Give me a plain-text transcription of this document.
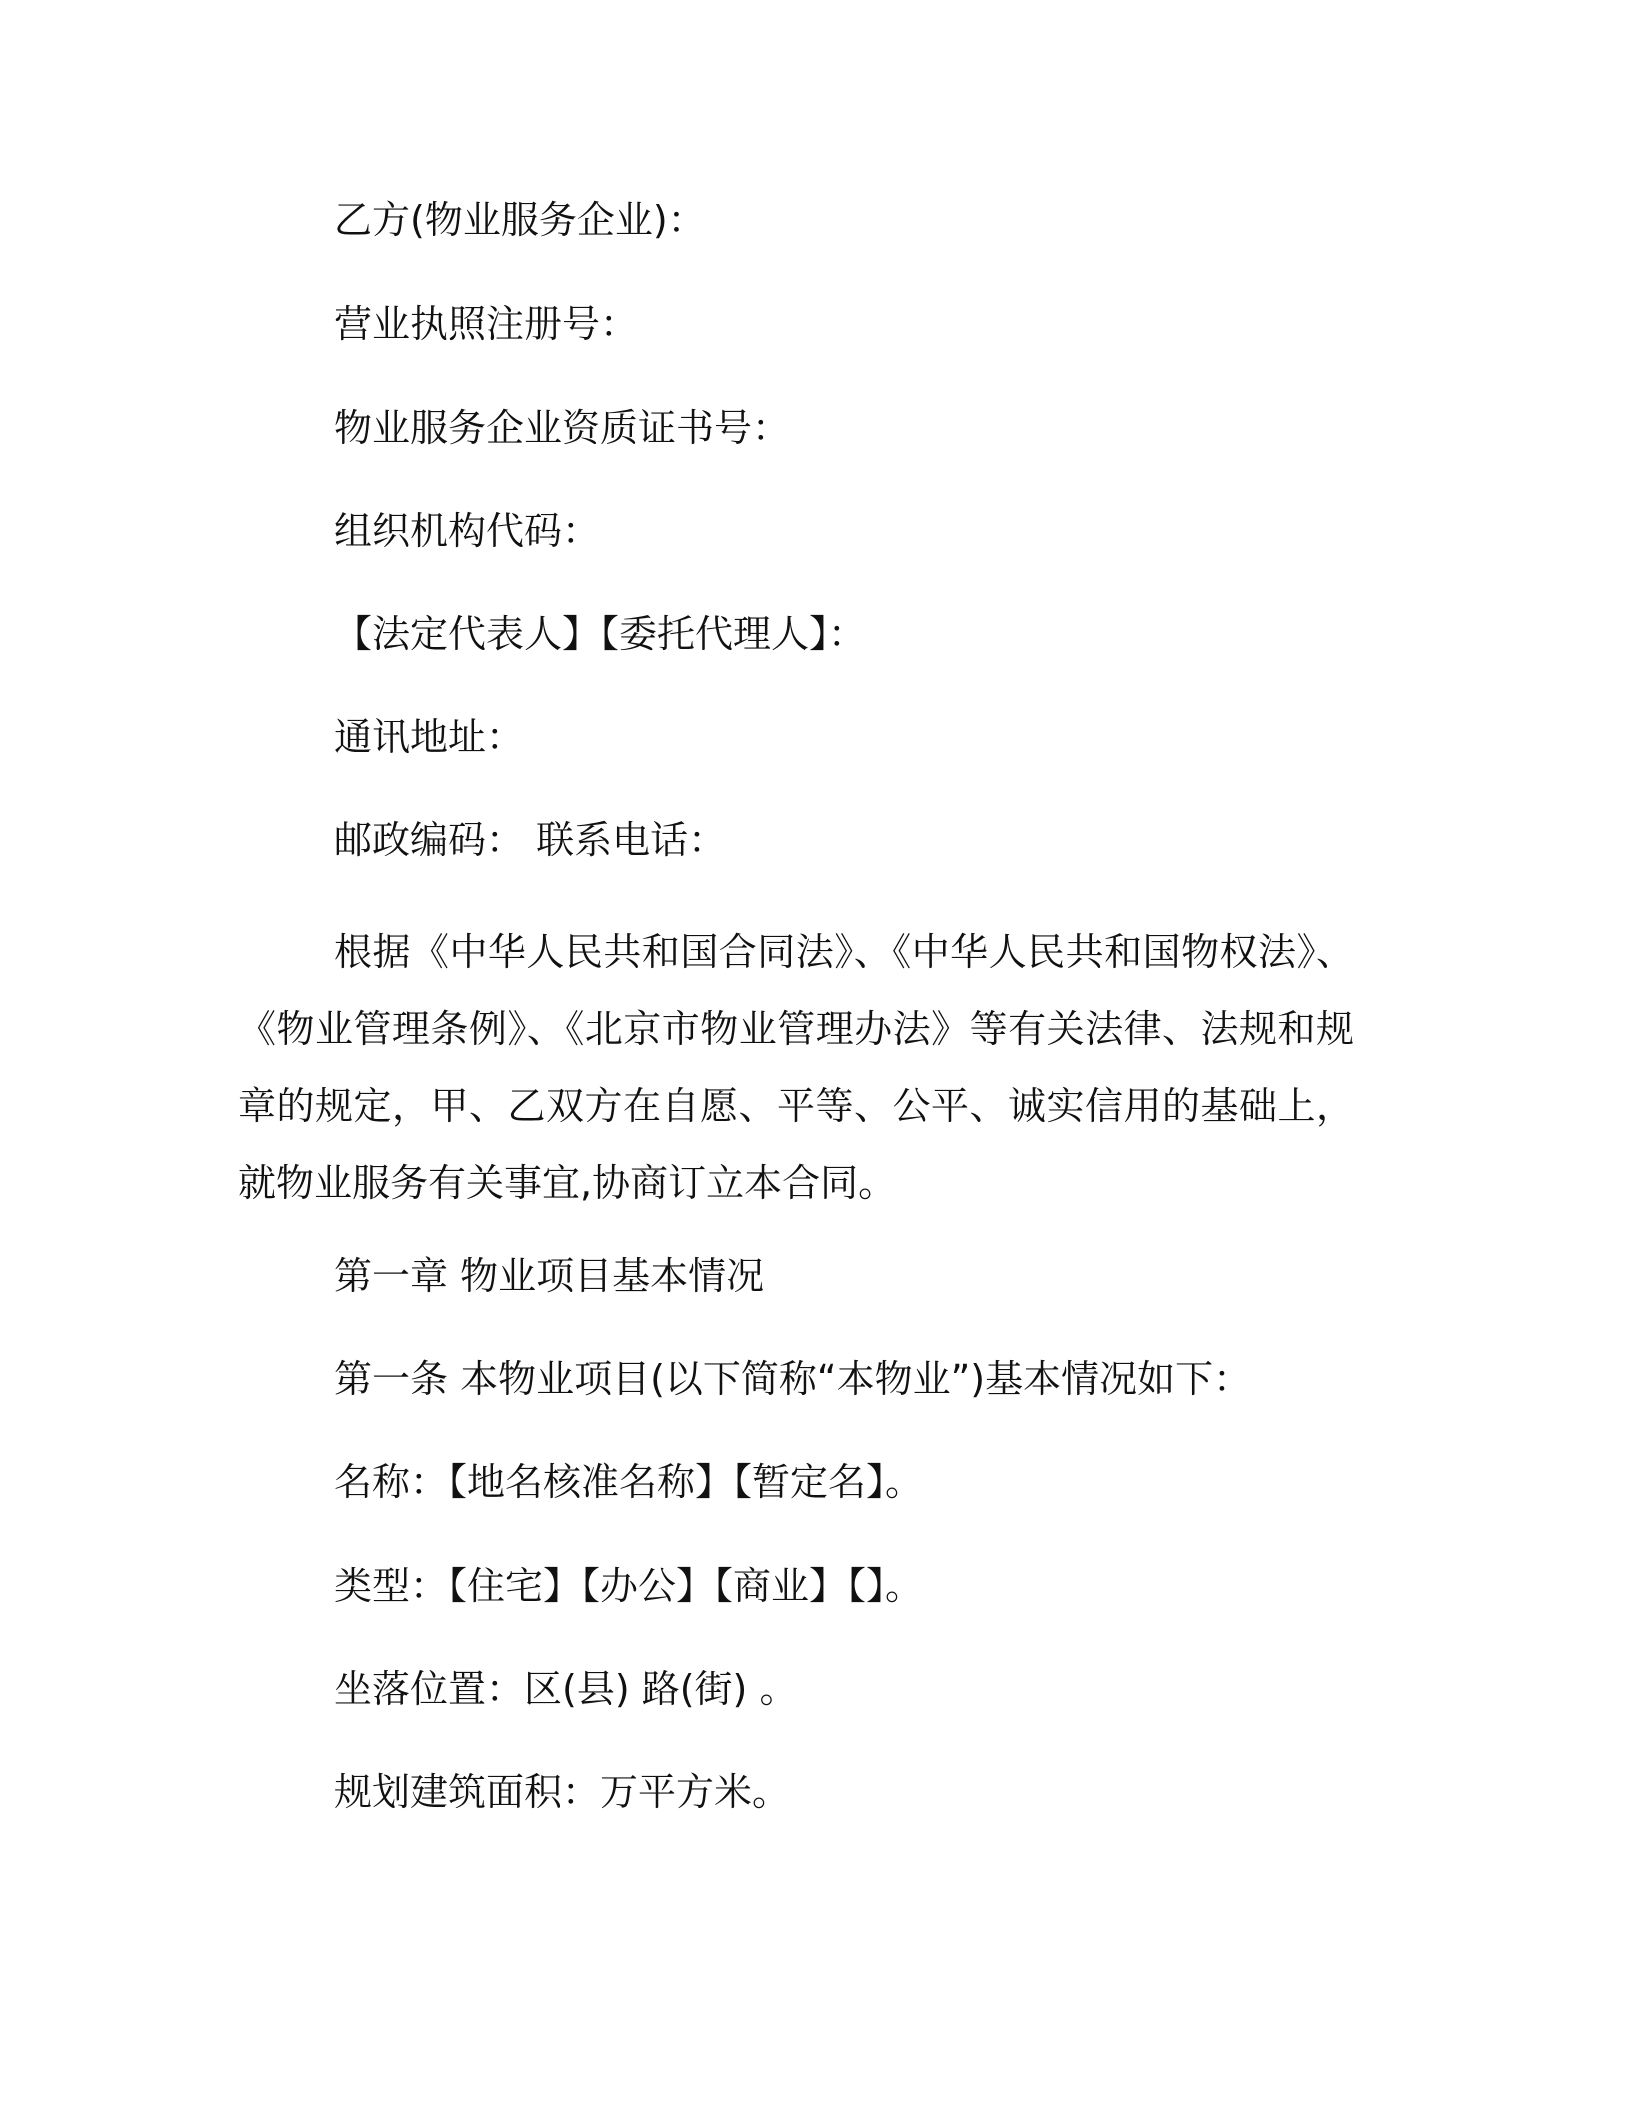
乙方(物业服务企业)：
营业执照注册号：
物业服务企业资质证书号：
组织机构代码：
【法定代表人】【委托代理人】：
通讯地址：
邮政编码： 联系电话：
根据《中华人民共和国合同法》、《中华人民共和国物权法》、《物业管理条例》、《北京市物业管理办法》等有关法律、法规和规章的规定，甲、乙双方在自愿、平等、公平、诚实信用的基础上，就物业服务有关事宜,协商订立本合同。
第一章 物业项目基本情况
第一条 本物业项目(以下简称“本物业”)基本情况如下：
名称：【地名核准名称】【暂定名】。
类型：【住宅】【办公】【商业】【】。
坐落位置：区(县) 路(街) 。
规划建筑面积：万平方米。
